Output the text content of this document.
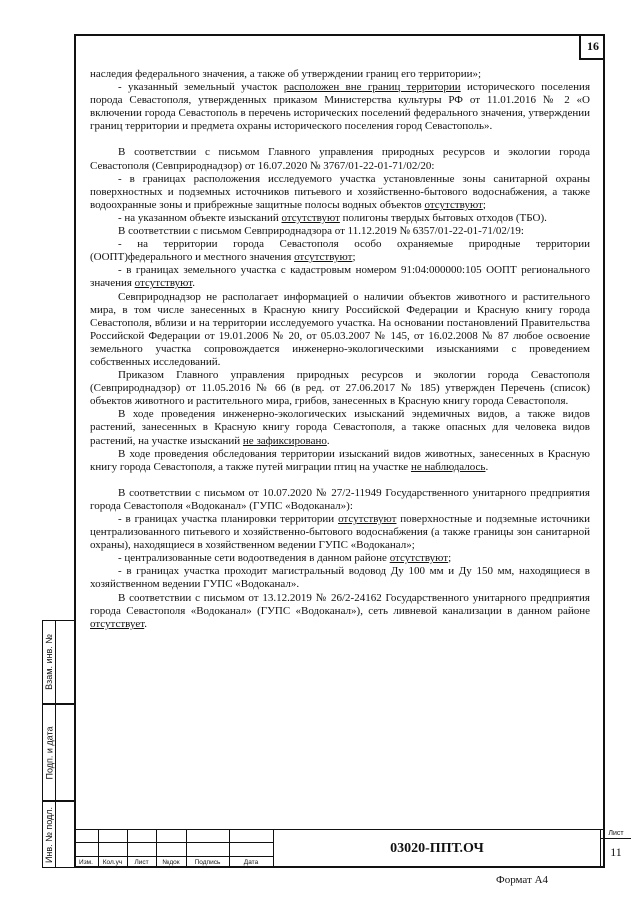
16
Взам. инв. №
Подп. и дата
Инв. № подл.

наследия федерального значения, а также об утверждении границ его территории»;

- указанный земельный участок расположен вне границ территории исторического поселения порода Севастополя, утвержденных приказом Министерства культуры РФ от 11.01.2016 № 2 «О включении города Севастополь в перечень исторических поселений федерального значения, утверждении границ территории и предмета охраны исторического поселения город Севастополь».

В соответствии с письмом Главного управления природных ресурсов и экологии города Севастополя (Севприроднадзор) от 16.07.2020 № 3767/01-22-01-71/02/20:

- в границах расположения исследуемого участка установленные зоны санитарной охраны поверхностных и подземных источников питьевого и хозяйственно-бытового водоснабжения, а также водоохранные зоны и прибрежные защитные полосы водных объектов отсутствуют;

- на указанном объекте изысканий отсутствуют полигоны твердых бытовых отходов (ТБО).

В соответствии с письмом Севприроднадзора от 11.12.2019 № 6357/01-22-01-71/02/19:

- на территории города Севастополя особо охраняемые природные территории (ООПТ)федерального и местного значения отсутствуют;

- в границах земельного участка с кадастровым номером 91:04:000000:105 ООПТ регионального значения отсутствуют.

Севприроднадзор не располагает информацией о наличии объектов животного и растительного мира, в том числе занесенных в Красную книгу Российской Федерации и Красную книгу города Севастополя, вблизи и на территории исследуемого участка. На основании постановлений Правительства Российской Федерации от 19.01.2006 № 20, от 05.03.2007 № 145, от 16.02.2008 № 87 любое освоение земельного участка сопровождается инженерно-экологическими изысканиями с проведением собственных исследований.

Приказом Главного управления природных ресурсов и экологии города Севастополя (Севприроднадзор) от 11.05.2016 № 66 (в ред. от 27.06.2017 № 185) утвержден Перечень (список) объектов животного и растительного мира, грибов, занесенных в Красную книгу города Севастополя.

В ходе проведения инженерно-экологических изысканий эндемичных видов, а также видов растений, занесенных в Красную книгу города Севастополя, а также опасных для человека видов растений, на участке изысканий не зафиксировано.

В ходе проведения обследования территории изысканий видов животных, занесенных в Красную книгу города Севастополя, а также путей миграции птиц на участке не наблюдалось.

В соответствии с письмом от 10.07.2020 № 27/2-11949 Государственного унитарного предприятия города Севастополя «Водоканал» (ГУПС «Водоканал»):

- в границах участка планировки территории отсутствуют поверхностные и подземные источники централизованного питьевого и хозяйственно-бытового водоснабжения (а также границы зон санитарной охраны), находящиеся в хозяйственном ведении ГУПС «Водоканал»;

- централизованные сети водоотведения в данном районе отсутствуют;

- в границах участка проходит магистральный водовод Ду 100 мм и Ду 150 мм, находящиеся в хозяйственном ведении ГУПС «Водоканал».

В соответствии с письмом от 13.12.2019 № 26/2-24162 Государственного унитарного предприятия города Севастополя «Водоканал» (ГУПС «Водоканал»), сеть ливневой канализации в данном районе отсутствует.

Изм.	Кол.уч	Лист	№док	Подпись	Дата
03020-ППТ.ОЧ
Лист
11
Формат А4
